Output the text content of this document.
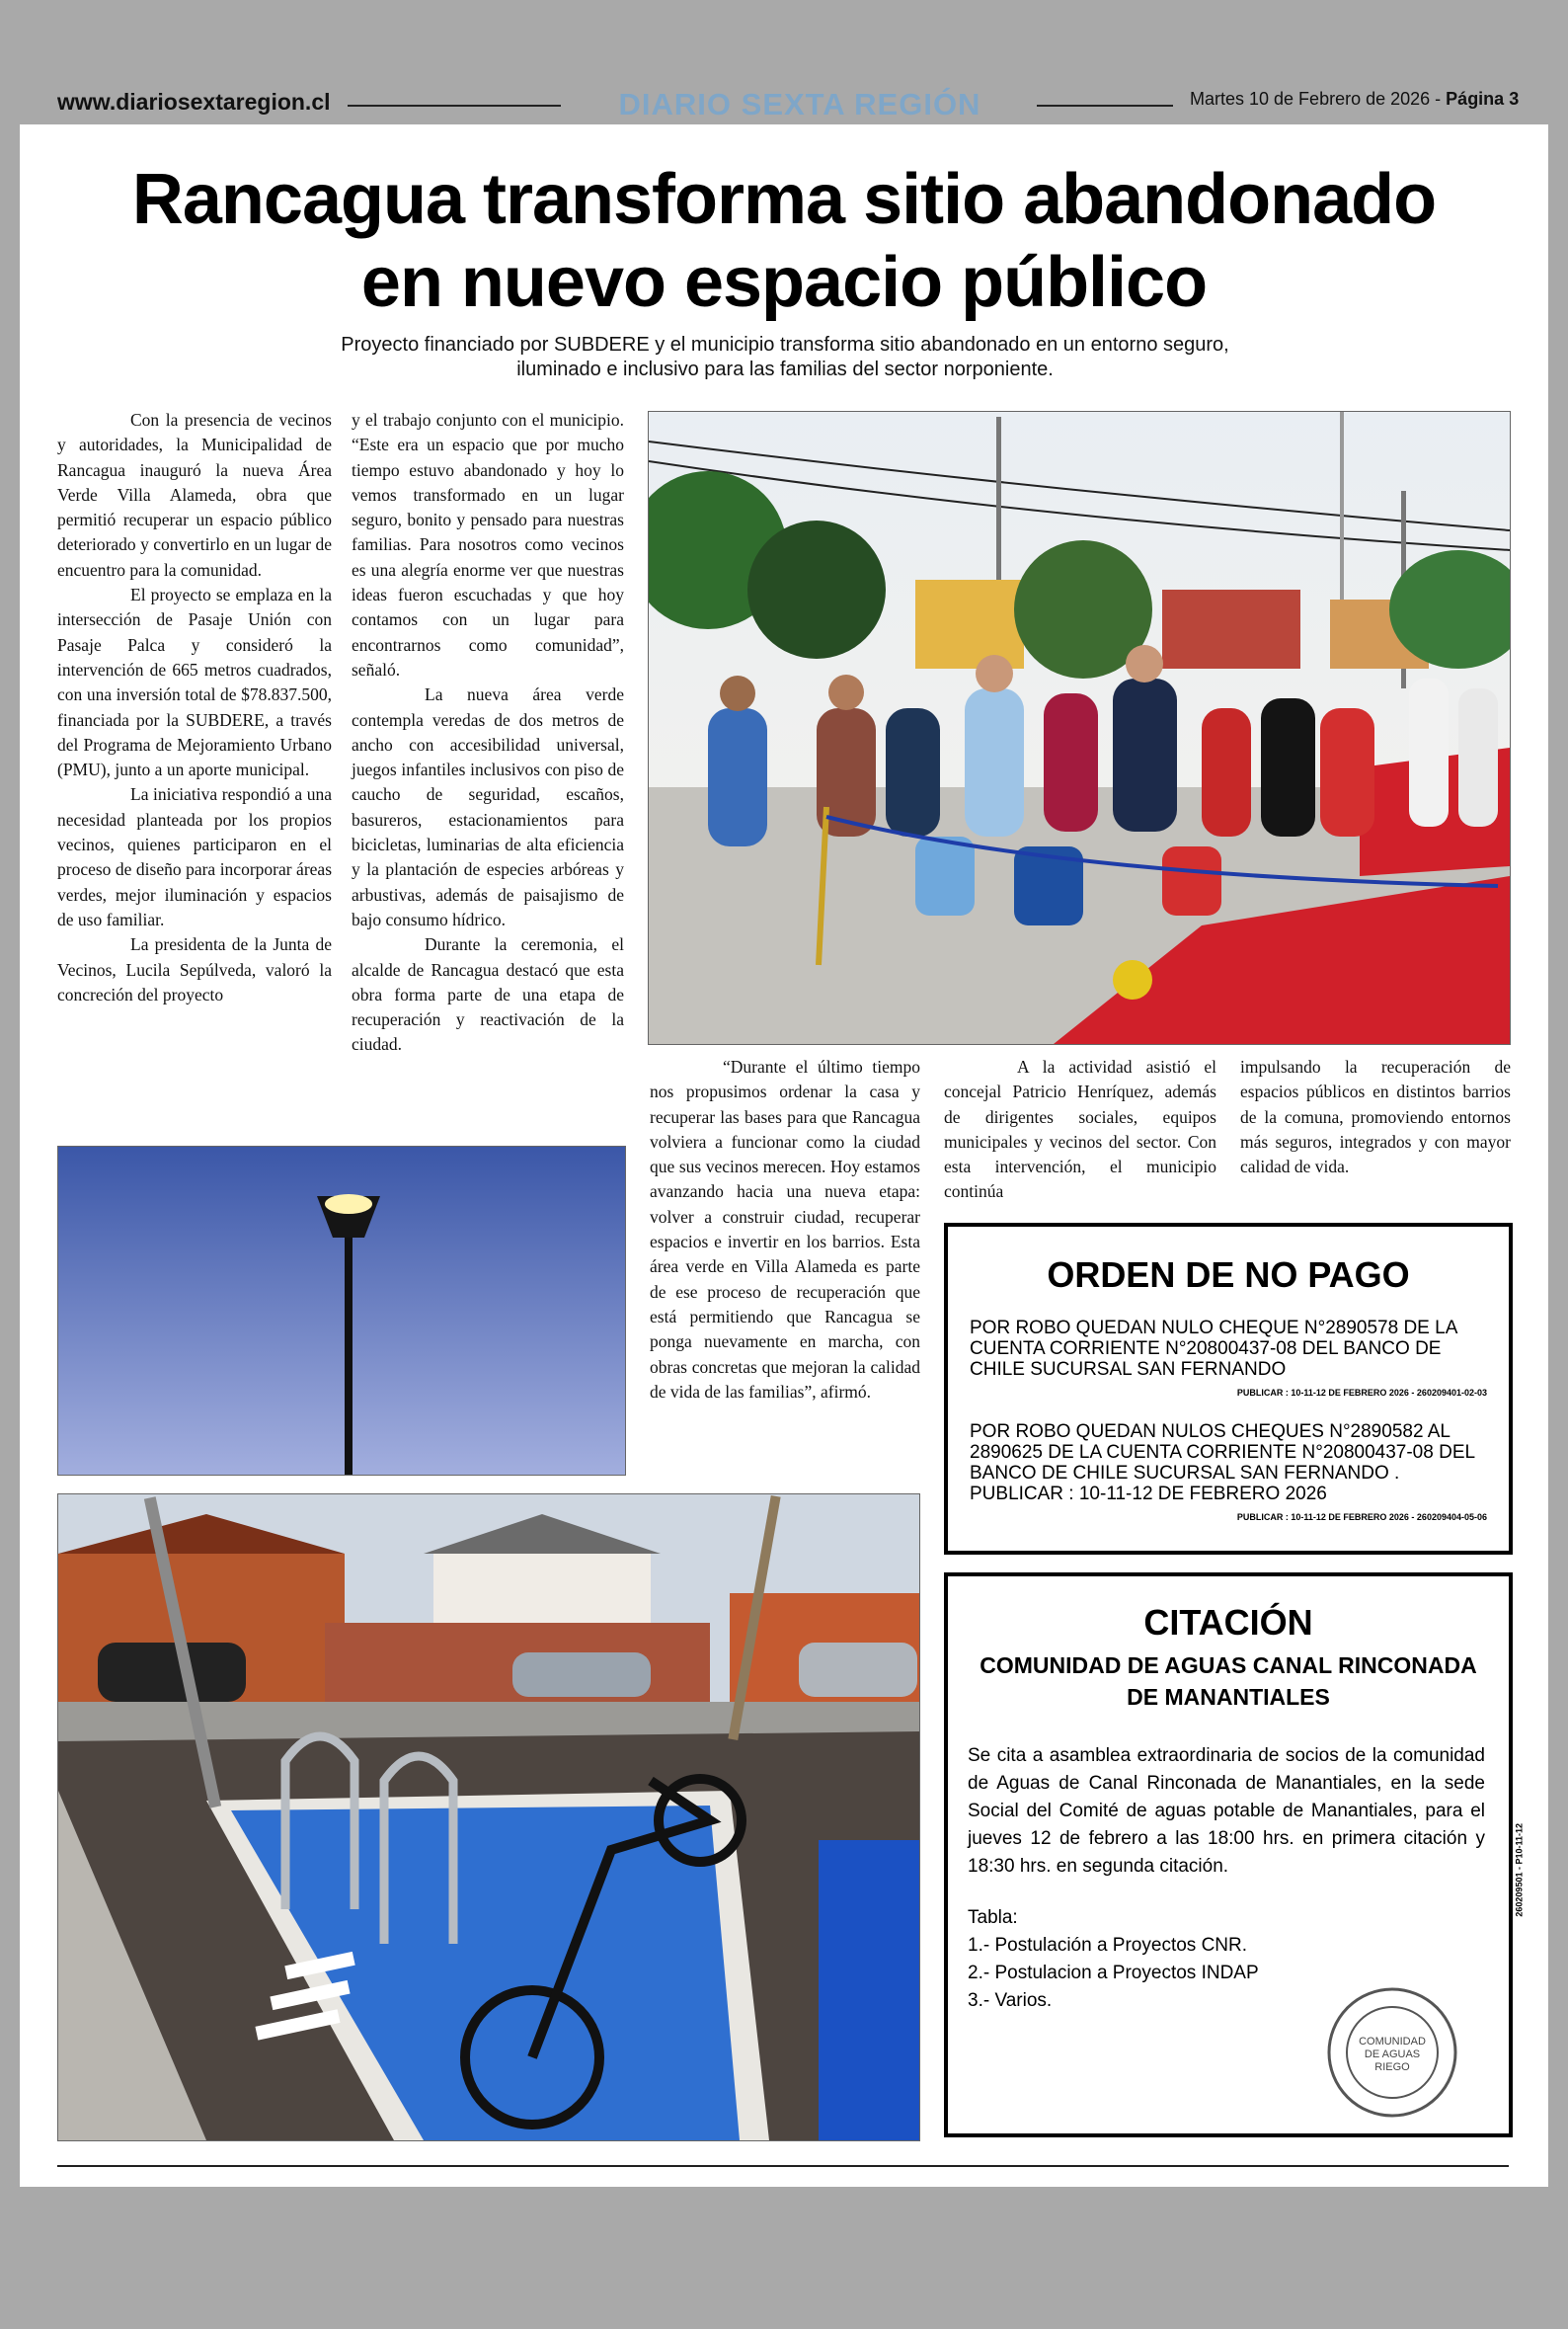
www.diariosextaregion.cl	DIARIO SEXTA REGIÓN	Martes 10 de Febrero de 2026 - Página 3
Rancagua transforma sitio abandonado
en nuevo espacio público
Proyecto financiado por SUBDERE y el municipio transforma sitio abandonado en un entorno seguro,
iluminado e inclusivo para las familias del sector norponiente.

Con la presencia de vecinos y autoridades, la Municipalidad de Rancagua inauguró la nueva Área Verde Villa Alameda, obra que permitió recuperar un espacio público deteriorado y convertirlo en un lugar de encuentro para la comunidad.

El proyecto se emplaza en la intersección de Pasaje Unión con Pasaje Palca y consideró la intervención de 665 metros cuadrados, con una inversión total de $78.837.500, financiada por la SUBDERE, a través del Programa de Mejoramiento Urbano (PMU), junto a un aporte municipal.

La iniciativa respondió a una necesidad planteada por los propios vecinos, quienes participaron en el proceso de diseño para incorporar áreas verdes, mejor iluminación y espacios de uso familiar.

La presidenta de la Junta de Vecinos, Lucila Sepúlveda, valoró la concreción del proyecto

y el trabajo conjunto con el municipio. “Este era un espacio que por mucho tiempo estuvo abandonado y hoy lo vemos transformado en un lugar seguro, bonito y pensado para nuestras familias. Para nosotros como vecinos es una alegría enorme ver que nuestras ideas fueron escuchadas y que hoy contamos con un lugar para encontrarnos como comunidad”, señaló.

La nueva área verde contempla veredas de dos metros de ancho con accesibilidad universal, juegos infantiles inclusivos con piso de caucho de seguridad, escaños, basureros, estacionamientos para bicicletas, luminarias de alta eficiencia y la plantación de especies arbóreas y arbustivas, además de paisajismo de bajo consumo hídrico.

Durante la ceremonia, el alcalde de Rancagua destacó que esta obra forma parte de una etapa de recuperación y reactivación de la ciudad.

“Durante el último tiempo nos propusimos ordenar la casa y recuperar las bases para que Rancagua volviera a funcionar como la ciudad que sus vecinos merecen. Hoy estamos avanzando hacia una nueva etapa: volver a construir ciudad, recuperar espacios e invertir en los barrios. Esta área verde en Villa Alameda es parte de ese proceso de recuperación que está permitiendo que Rancagua se ponga nuevamente en marcha, con obras concretas que mejoran la calidad de vida de las familias”, afirmó.

A la actividad asistió el concejal Patricio Henríquez, además de dirigentes sociales, equipos municipales y vecinos del sector. Con esta intervención, el municipio continúa

impulsando la recuperación de espacios públicos en distintos barrios de la comuna, promoviendo entornos más seguros, integrados y con mayor calidad de vida.

ORDEN DE NO PAGO
POR ROBO QUEDAN NULO CHEQUE N°2890578 DE LA CUENTA CORRIENTE N°20800437-08 DEL BANCO DE CHILE SUCURSAL SAN FERNANDO
PUBLICAR : 10-11-12 DE FEBRERO 2026 - 260209401-02-03
POR ROBO QUEDAN NULOS CHEQUES N°2890582 AL 2890625 DE LA CUENTA CORRIENTE N°20800437-08 DEL BANCO DE CHILE SUCURSAL SAN FERNANDO . PUBLICAR : 10-11-12 DE FEBRERO 2026
PUBLICAR : 10-11-12 DE FEBRERO 2026 - 260209404-05-06
CITACIÓN
COMUNIDAD DE AGUAS CANAL RINCONADA
DE MANANTIALES
Se cita a asamblea extraordinaria de socios de la comunidad de Aguas de Canal Rinconada de Manantiales, en la sede Social del Comité de aguas potable de Manantiales, para el jueves 12 de febrero a las 18:00 hrs. en primera citación y 18:30 hrs. en segunda citación.
Tabla:
1.- Postulación a Proyectos CNR.
2.- Postulacion a Proyectos INDAP
3.- Varios.
260209501 - P10-11-12
COMUNIDAD
DE AGUAS
RIEGO
